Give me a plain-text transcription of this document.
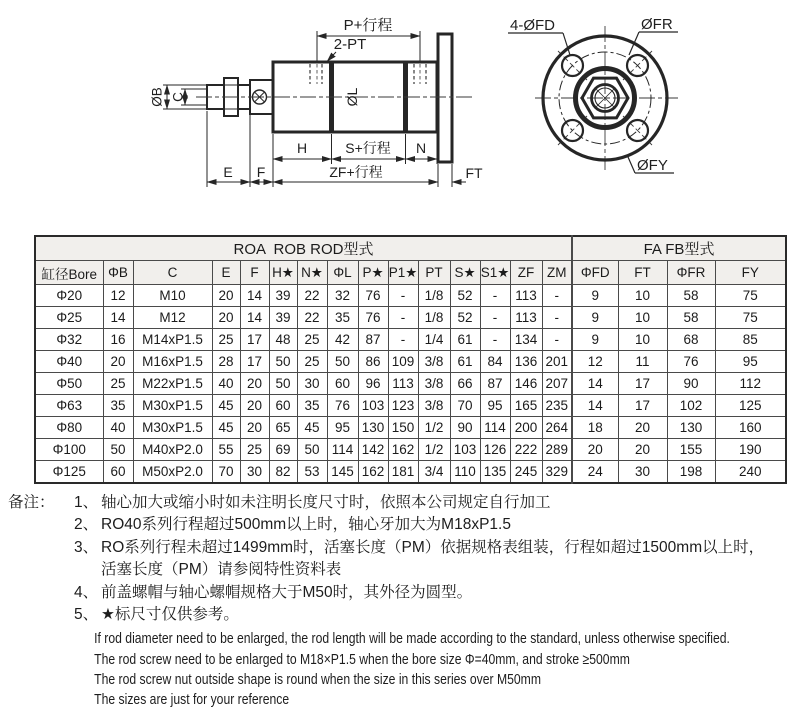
P+行程
2-PT
ØL
H	S+行程 N
E F	ZF+行程	FT
ØB C
4-ØFD	ØFR
ØFY
ROA  ROB ROD型式															FA FB型式			
缸径Bore	ΦB	C	E	F	H★	N★	ΦL	P★	P1★	PT	S★	S1★	ZF	ZM	ΦFD	FT	ΦFR	FY
Φ20	12	M10	20	14	39	22	32	76	-	1/8	52	-	113	-	9	10	58	75
Φ25	14	M12	20	14	39	22	35	76	-	1/8	52	-	113	-	9	10	58	75
Φ32	16	M14xP1.5	25	17	48	25	42	87	-	1/4	61	-	134	-	9	10	68	85
Φ40	20	M16xP1.5	28	17	50	25	50	86	109	3/8	61	84	136	201	12	11	76	95
Φ50	25	M22xP1.5	40	20	50	30	60	96	113	3/8	66	87	146	207	14	17	90	112
Φ63	35	M30xP1.5	45	20	60	35	76	103	123	3/8	70	95	165	235	14	17	102	125
Φ80	40	M30xP1.5	45	20	65	45	95	130	150	1/2	90	114	200	264	18	20	130	160
Φ100	50	M40xP2.0	55	25	69	50	114	142	162	1/2	103	126	222	289	20	20	155	190
Φ125	60	M50xP2.0	70	30	82	53	145	162	181	3/4	110	135	245	329	24	30	198	240
备注：	1、 轴心加大或缩小时如未注明长度尺寸时，依照本公司规定自行加工
2、 RO40系列行程超过500mm以上时，轴心牙加大为M18xP1.5
3、 RO系列行程未超过1499mm时，活塞长度（PM）依据规格表组装，行程如超过1500mm以上时，
活塞长度（PM）请参阅特性资料表
4、 前盖螺帽与轴心螺帽规格大于M50时，其外径为圆型。
5、 ★标尺寸仅供参考。
If rod diameter need to be enlarged, the rod length will be made according to the standard, unless otherwise specified.
The rod screw need to be enlarged to M18×P1.5 when the bore size Φ=40mm, and stroke ≥500mm
The rod screw nut outside shape is round when the size in this series over M50mm
The sizes are just for your reference
